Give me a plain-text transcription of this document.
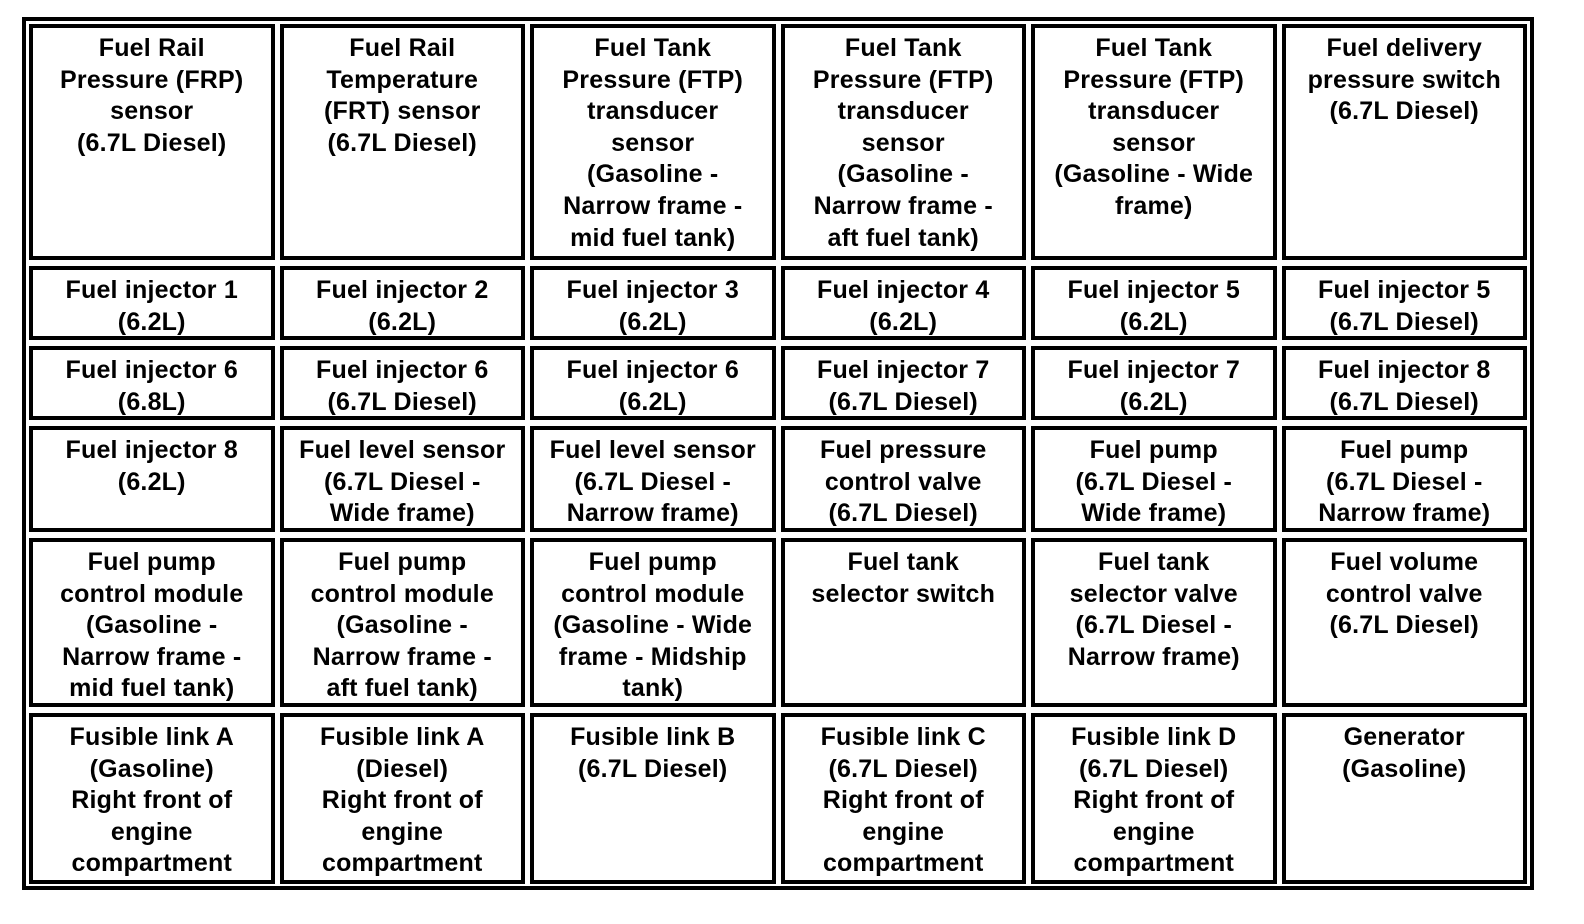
Fuel Rail
Pressure (FRP)
sensor
(6.7L Diesel)
Fuel Rail
Temperature
(FRT) sensor
(6.7L Diesel)
Fuel Tank
Pressure (FTP)
transducer
sensor
(Gasoline -
Narrow frame -
mid fuel tank)
Fuel Tank
Pressure (FTP)
transducer
sensor
(Gasoline -
Narrow frame -
aft fuel tank)
Fuel Tank
Pressure (FTP)
transducer
sensor
(Gasoline - Wide
frame)
Fuel delivery
pressure switch
(6.7L Diesel)
Fuel injector 1
(6.2L)
Fuel injector 2
(6.2L)
Fuel injector 3
(6.2L)
Fuel injector 4
(6.2L)
Fuel injector 5
(6.2L)
Fuel injector 5
(6.7L Diesel)
Fuel injector 6
(6.8L)
Fuel injector 6
(6.7L Diesel)
Fuel injector 6
(6.2L)
Fuel injector 7
(6.7L Diesel)
Fuel injector 7
(6.2L)
Fuel injector 8
(6.7L Diesel)
Fuel injector 8
(6.2L)
Fuel level sensor
(6.7L Diesel -
Wide frame)
Fuel level sensor
(6.7L Diesel -
Narrow frame)
Fuel pressure
control valve
(6.7L Diesel)
Fuel pump
(6.7L Diesel -
Wide frame)
Fuel pump
(6.7L Diesel -
Narrow frame)
Fuel pump
control module
(Gasoline -
Narrow frame -
mid fuel tank)
Fuel pump
control module
(Gasoline -
Narrow frame -
aft fuel tank)
Fuel pump
control module
(Gasoline - Wide
frame - Midship
tank)
Fuel tank
selector switch
Fuel tank
selector valve
(6.7L Diesel -
Narrow frame)
Fuel volume
control valve
(6.7L Diesel)
Fusible link A
(Gasoline)
Right front of
engine
compartment
Fusible link A
(Diesel)
Right front of
engine
compartment
Fusible link B
(6.7L Diesel)
Fusible link C
(6.7L Diesel)
Right front of
engine
compartment
Fusible link D
(6.7L Diesel)
Right front of
engine
compartment
Generator
(Gasoline)
